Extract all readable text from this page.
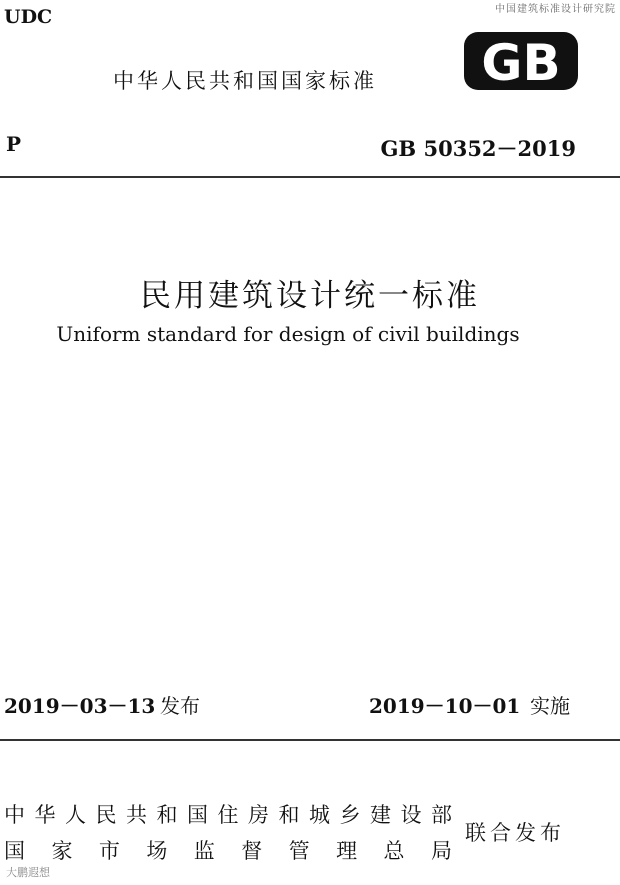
中国建筑标准设计研究院
UDC
中华人民共和国国家标准 GB
P	GB 50352－2019
民用建筑设计统一标准
Uniform standard for design of civil buildings
2019－03－13 发布	2019－10－01 实施
中华人民共和国住房和城乡建设部
国家市场监督管理总局
联合发布
大鹏遐想
